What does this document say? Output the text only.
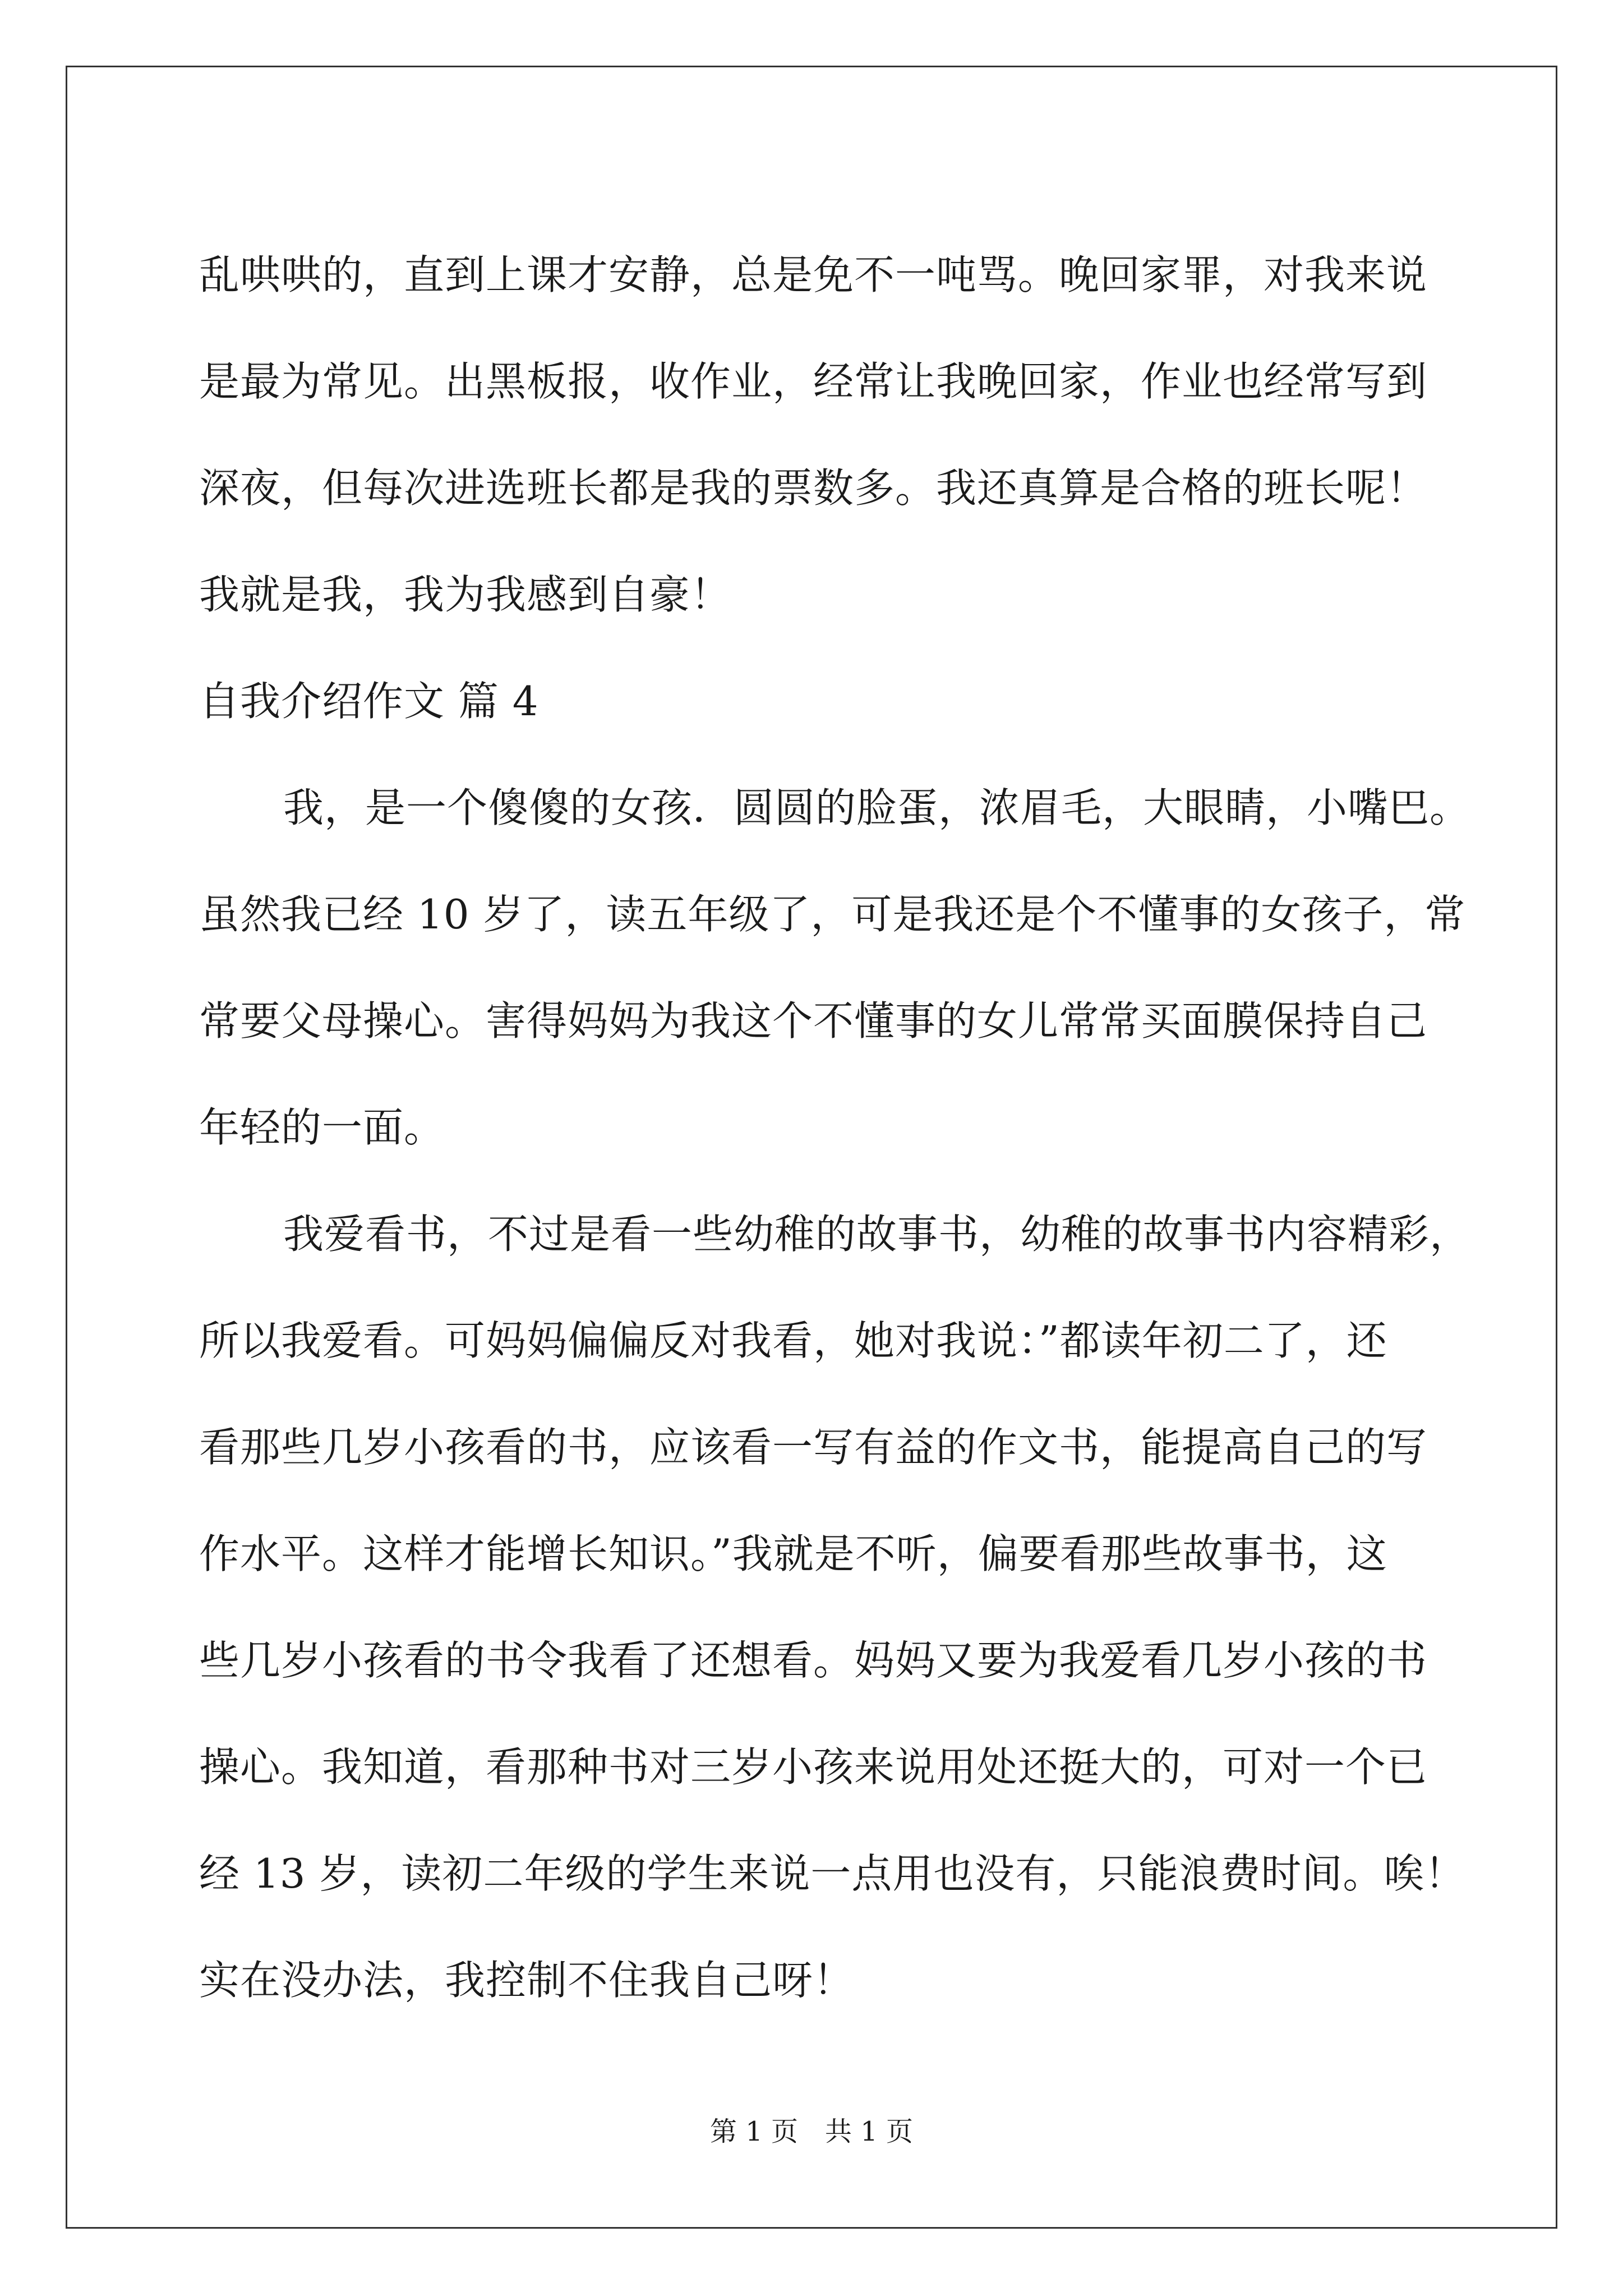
乱哄哄的，直到上课才安静，总是免不一吨骂。晚回家罪，对我来说
是最为常见。出黑板报，收作业，经常让我晚回家，作业也经常写到
深夜，但每次进选班长都是我的票数多。我还真算是合格的班长呢！
我就是我，我为我感到自豪！
自我介绍作文 篇 4
我，是一个傻傻的女孩．圆圆的脸蛋，浓眉毛，大眼睛，小嘴巴。
虽然我已经 10 岁了，读五年级了，可是我还是个不懂事的女孩子，常
常要父母操心。害得妈妈为我这个不懂事的女儿常常买面膜保持自己
年轻的一面。
我爱看书，不过是看一些幼稚的故事书，幼稚的故事书内容精彩，
所以我爱看。可妈妈偏偏反对我看，她对我说：”都读年初二了，还
看那些几岁小孩看的书，应该看一写有益的作文书，能提高自己的写
作水平。这样才能增长知识。”我就是不听，偏要看那些故事书，这
些几岁小孩看的书令我看了还想看。妈妈又要为我爱看几岁小孩的书
操心。我知道，看那种书对三岁小孩来说用处还挺大的，可对一个已
经 13 岁，读初二年级的学生来说一点用也没有，只能浪费时间。唉！
实在没办法，我控制不住我自己呀！
第 1 页　共 1 页
